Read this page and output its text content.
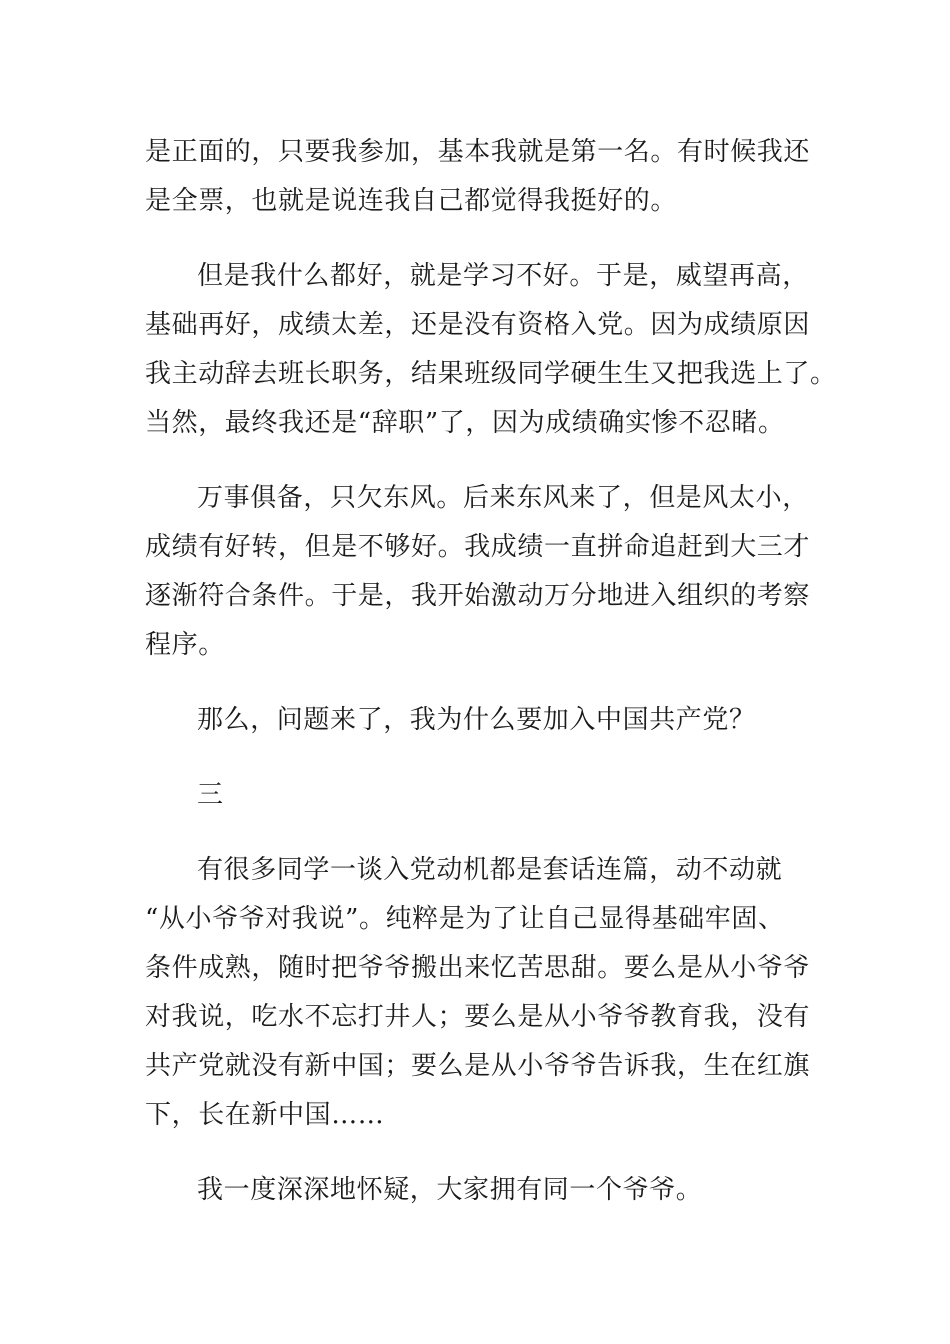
是正面的，只要我参加，基本我就是第一名。有时候我还
是全票，也就是说连我自己都觉得我挺好的。
但是我什么都好，就是学习不好。于是，威望再高，
基础再好，成绩太差，还是没有资格入党。因为成绩原因
我主动辞去班长职务，结果班级同学硬生生又把我选上了。
当然，最终我还是“辞职”了，因为成绩确实惨不忍睹。
万事俱备，只欠东风。后来东风来了，但是风太小，
成绩有好转，但是不够好。我成绩一直拼命追赶到大三才
逐渐符合条件。于是，我开始激动万分地进入组织的考察
程序。
那么，问题来了，我为什么要加入中国共产党？
三
有很多同学一谈入党动机都是套话连篇，动不动就
“从小爷爷对我说”。纯粹是为了让自己显得基础牢固、
条件成熟，随时把爷爷搬出来忆苦思甜。要么是从小爷爷
对我说，吃水不忘打井人；要么是从小爷爷教育我，没有
共产党就没有新中国；要么是从小爷爷告诉我，生在红旗
下，长在新中国……
我一度深深地怀疑，大家拥有同一个爷爷。
